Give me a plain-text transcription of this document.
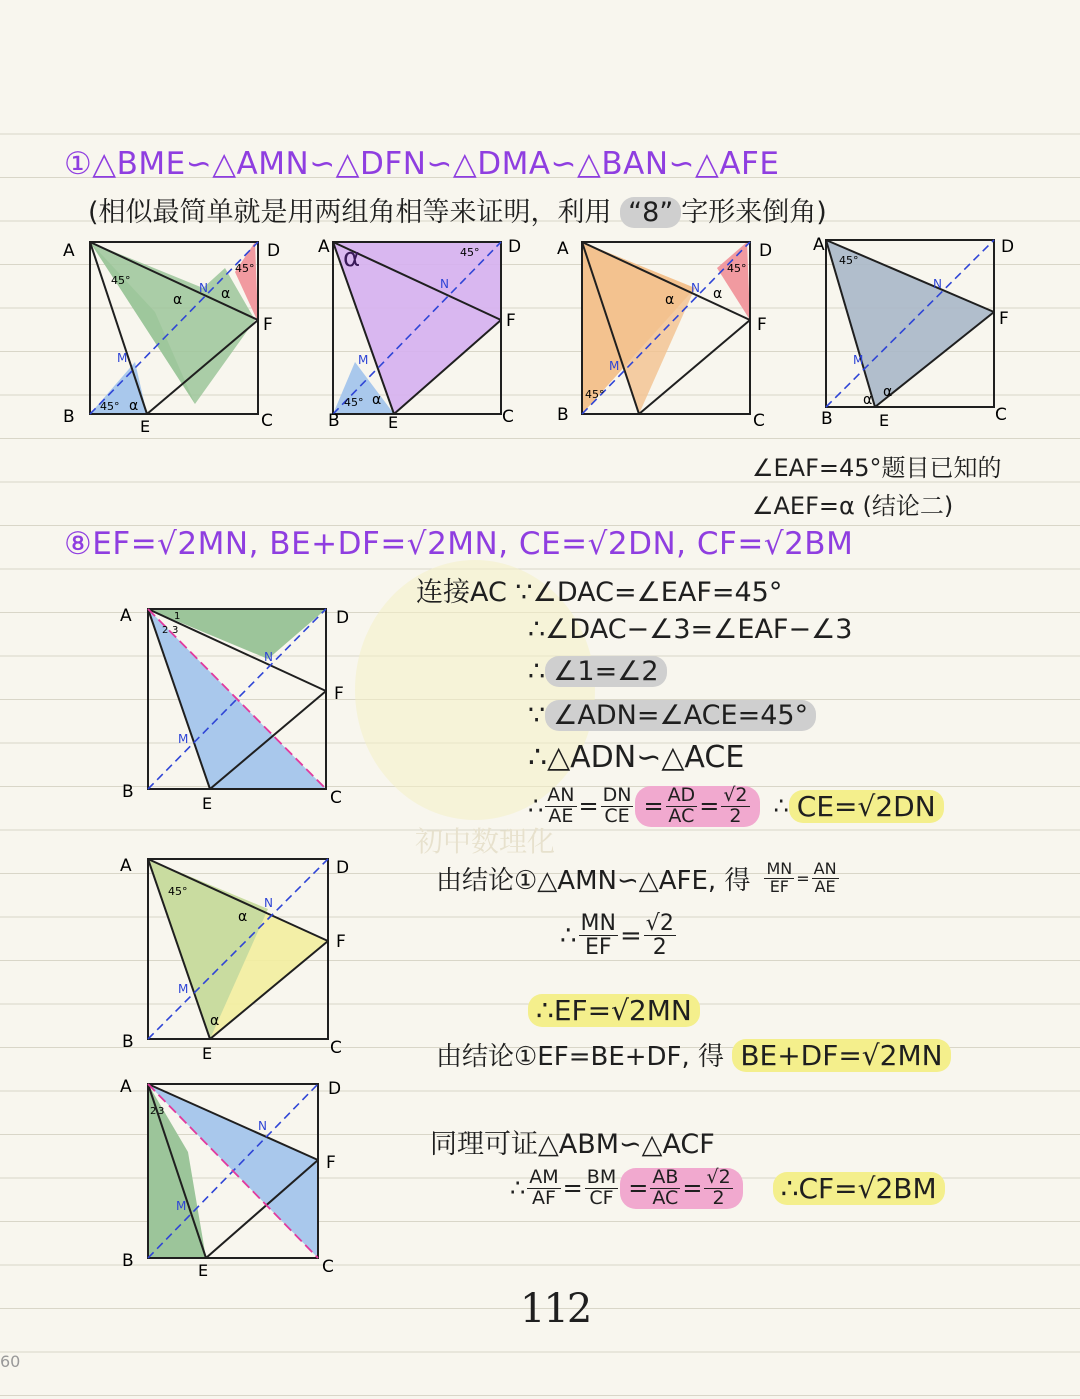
初中数理化
①△BME∽△AMN∽△DFN∽△DMA∽△BAN∽△AFE
(相似最简单就是用两组角相等来证明，利用 “8” 字形来倒角)
A	D
B	C
E
F
M
N
45°
45°
45°
α	α
α
A	D
B	C
E
F
M
N
α	45°
45° α
A	D
B	C
F
M
N
45°
45°
α	α
A	D
B	C
E
F
M
N
45°
α
α
∠EAF=45°题目已知的
∠AEF=α (结论二)
⑧EF=√2MN, BE+DF=√2MN, CE=√2DN, CF=√2BM
A	D
B	C
E
F
M
N
2 3
1
A	D
B	C
E
F
M
N
45°
α
α
A	D
B	C
E
F
M
N
2 3
连接AC ∵∠DAC=∠EAF=45°
∴∠DAC−∠3=∠EAF−∠3
∴ ∠1=∠2
∵ ∠ADN=∠ACE=45°
∴△ADN∽△ACE
∴ $\frac{AN}{AE} = \frac{DN}{CE} = \frac{AD}{AC} = \frac{√2}{2}$ ∴ CE=√2DN
由结论①△AMN∽△AFE, 得 $\frac{MN}{EF} = \frac{AN}{AE}$
∴ $\frac{MN}{EF} = \frac{√2}{2}$
∴EF=√2MN
由结论①EF=BE+DF, 得 BE+DF=√2MN
同理可证△ABM∽△ACF
∴ $\frac{AM}{AF} = \frac{BM}{CF} = \frac{AB}{AC} = \frac{√2}{2}$ ∴CF=√2BM
112
60
